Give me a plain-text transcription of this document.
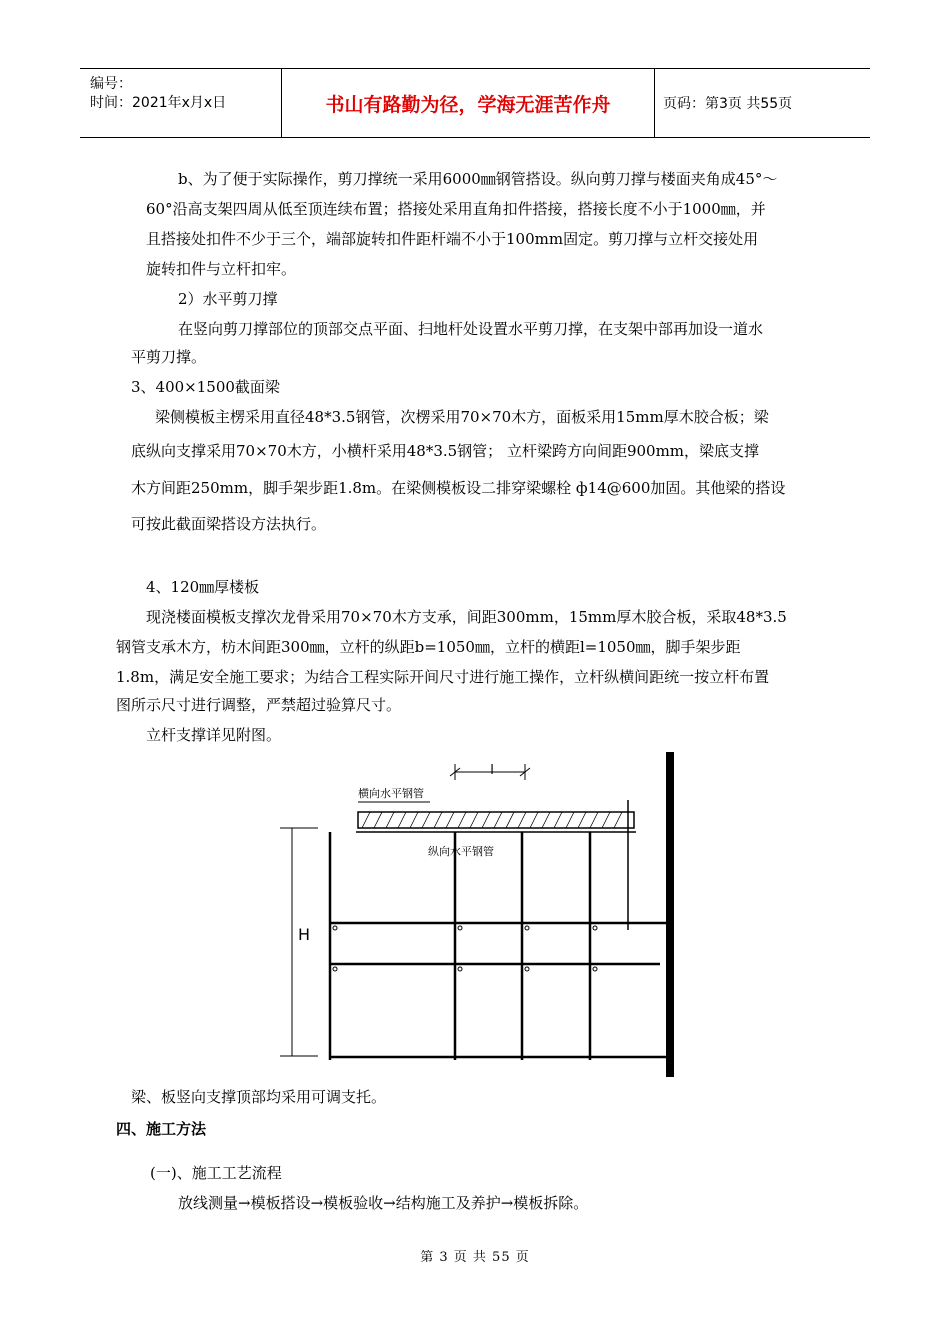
编号：
时间：2021年x月x日	书山有路勤为径，学海无涯苦作舟	页码：第3页 共55页
b、为了便于实际操作，剪刀撑统一采用6000㎜钢管搭设。纵向剪刀撑与楼面夹角成45°～
60°沿高支架四周从低至顶连续布置；搭接处采用直角扣件搭接，搭接长度不小于1000㎜，并
且搭接处扣件不少于三个，端部旋转扣件距杆端不小于100mm固定。剪刀撑与立杆交接处用
旋转扣件与立杆扣牢。
2）水平剪刀撑
在竖向剪刀撑部位的顶部交点平面、扫地杆处设置水平剪刀撑，在支架中部再加设一道水
平剪刀撑。
3、400×1500截面梁
梁侧模板主楞采用直径48*3.5钢管，次楞采用70×70木方，面板采用15mm厚木胶合板；梁
底纵向支撑采用70×70木方，小横杆采用48*3.5钢管； 立杆梁跨方向间距900mm，梁底支撑
木方间距250mm，脚手架步距1.8m。在梁侧模板设二排穿梁螺栓 ф14@600加固。其他梁的搭设
可按此截面梁搭设方法执行。
4、120㎜厚楼板
现浇楼面模板支撑次龙骨采用70×70木方支承，间距300mm，15mm厚木胶合板，采取48*3.5
钢管支承木方，枋木间距300㎜，立杆的纵距b=1050㎜，立杆的横距l=1050㎜，脚手架步距
1.8m，满足安全施工要求；为结合工程实际开间尺寸进行施工操作，立杆纵横间距统一按立杆布置
图所示尺寸进行调整，严禁超过验算尺寸。
立杆支撑详见附图。
l
横向水平钢管
纵向水平钢管
H
梁、板竖向支撑顶部均采用可调支托。
四、施工方法
(一)、施工工艺流程
放线测量→模板搭设→模板验收→结构施工及养护→模板拆除。
第 3 页 共 55 页
